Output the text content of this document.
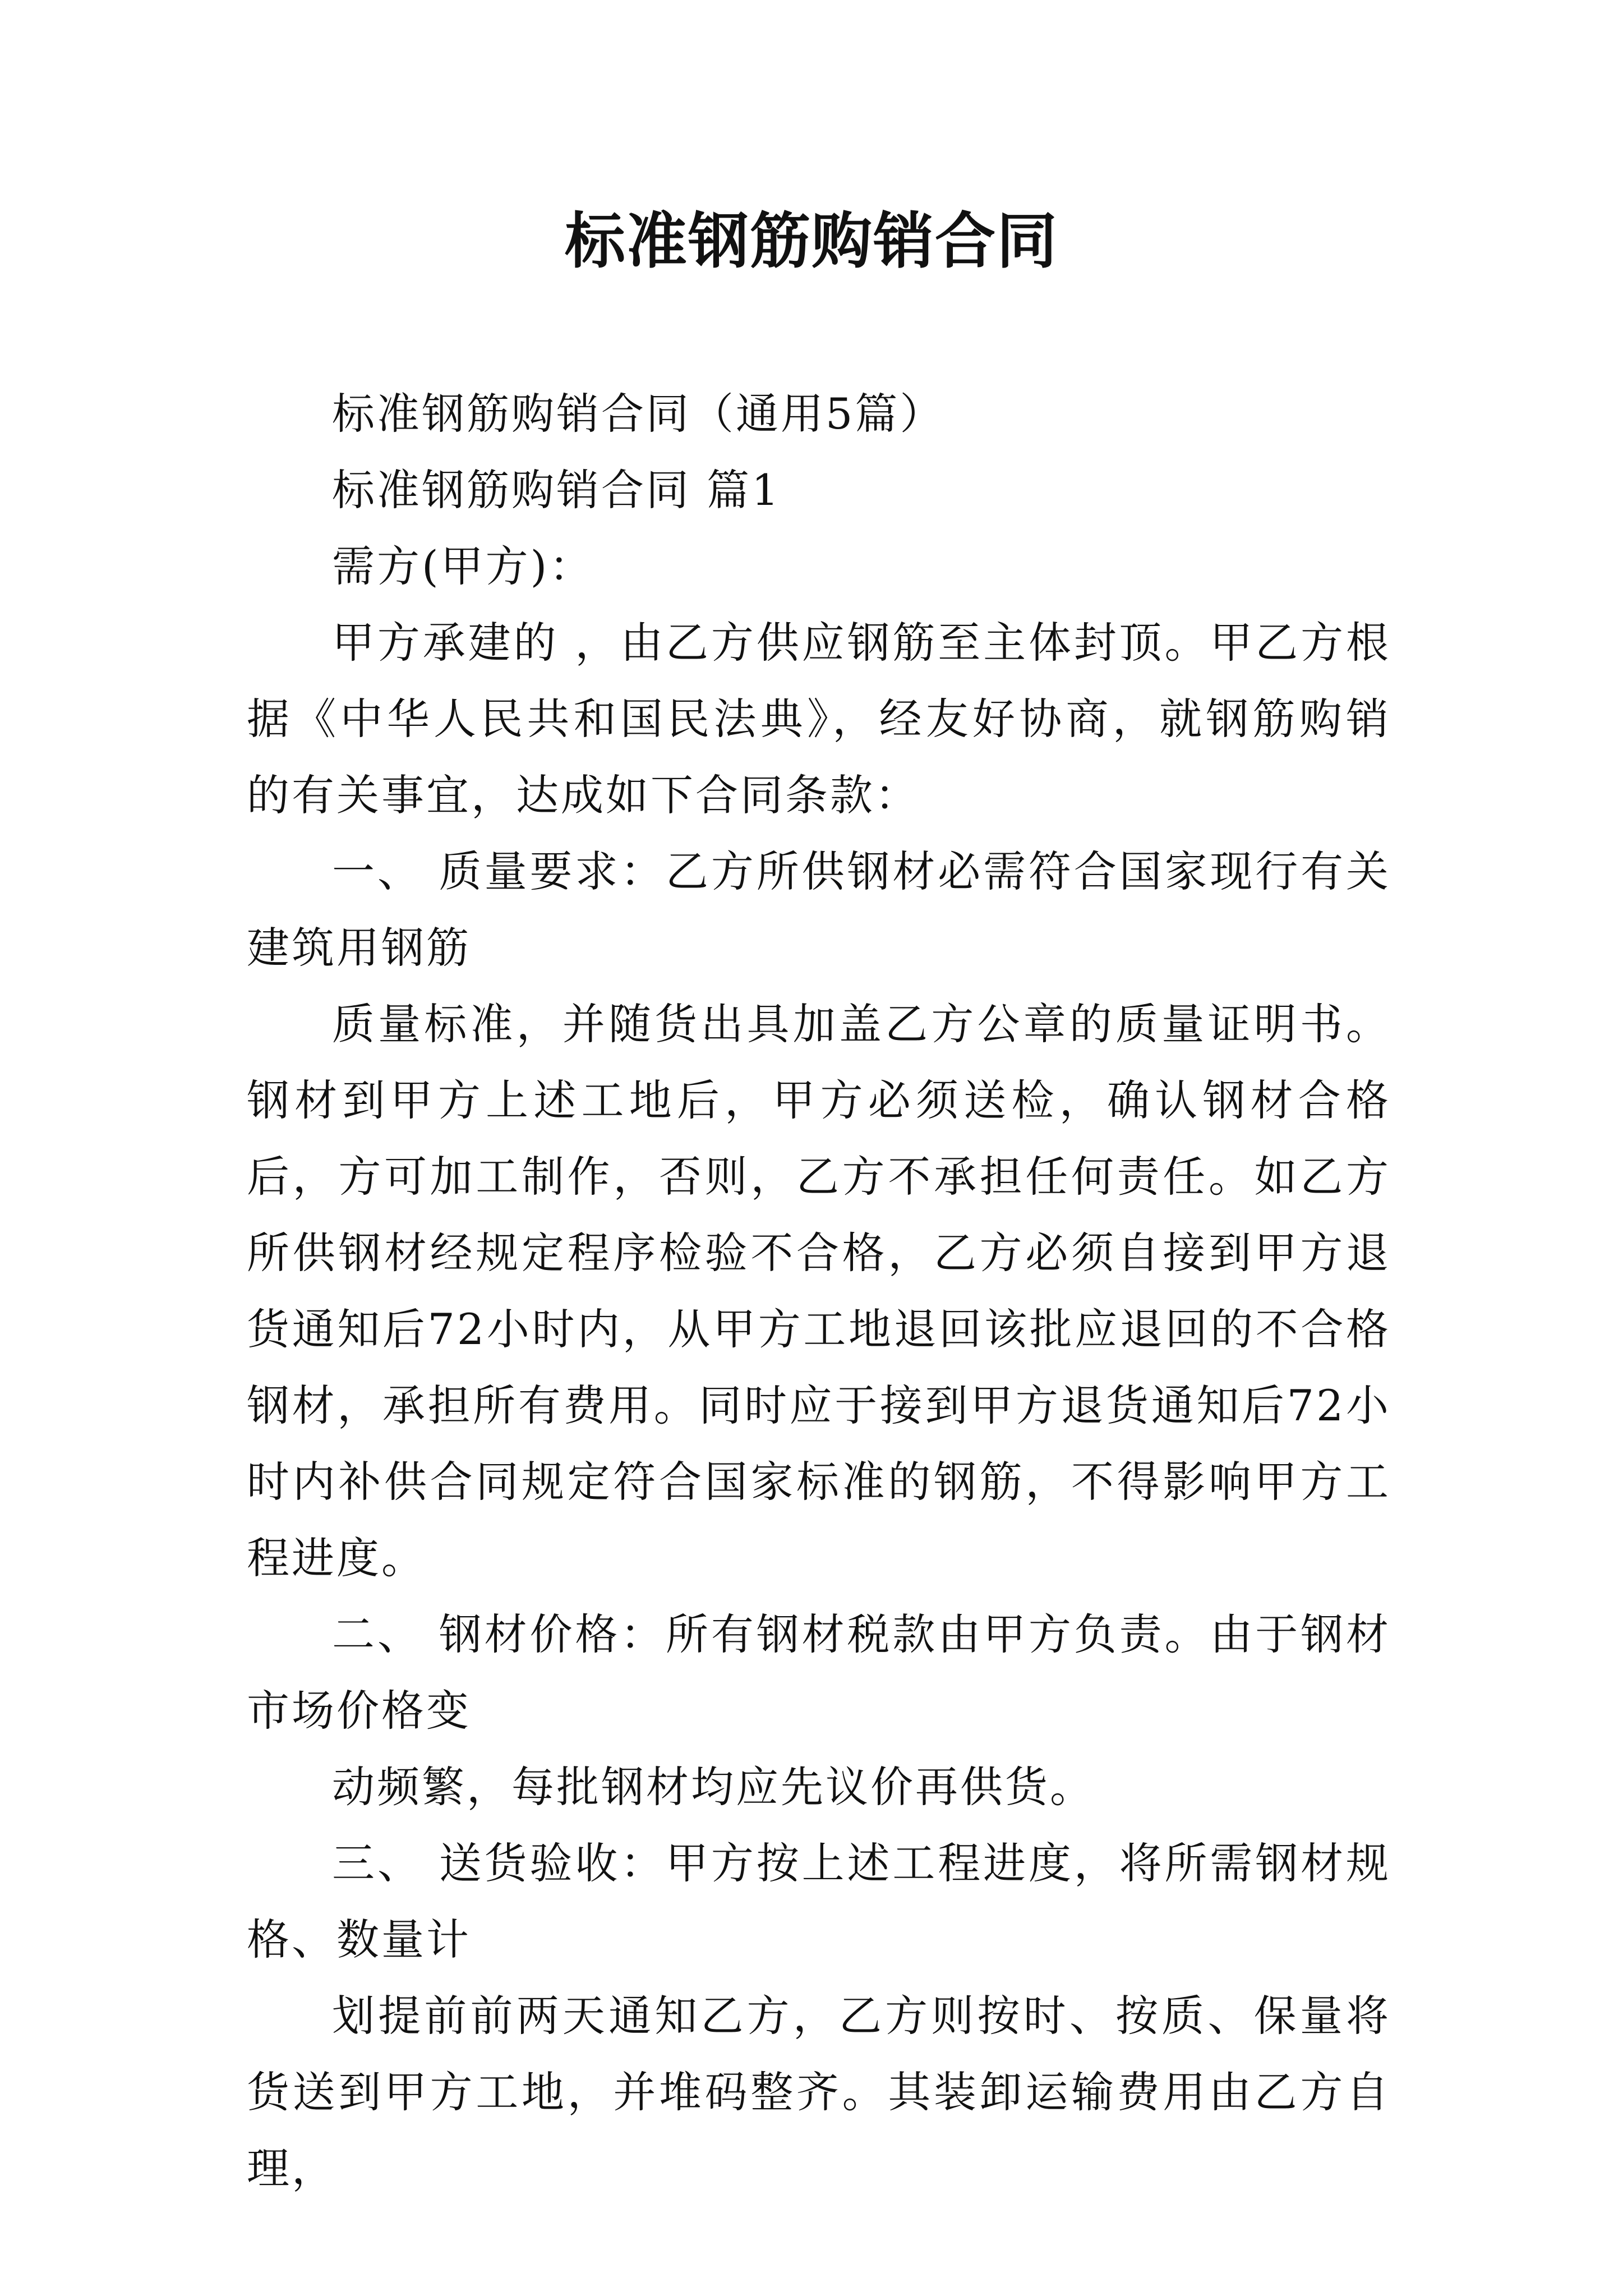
标准钢筋购销合同

标准钢筋购销合同（通用5篇）

标准钢筋购销合同 篇1

需方(甲方)：

甲方承建的 ，由乙方供应钢筋至主体封顶。甲乙方根据《中华人民共和国民法典》，经友好协商，就钢筋购销的有关事宜，达成如下合同条款：

一、 质量要求：乙方所供钢材必需符合国家现行有关建筑用钢筋

质量标准，并随货出具加盖乙方公章的质量证明书。钢材到甲方上述工地后，甲方必须送检，确认钢材合格后，方可加工制作，否则，乙方不承担任何责任。如乙方所供钢材经规定程序检验不合格，乙方必须自接到甲方退货通知后72小时内，从甲方工地退回该批应退回的不合格钢材，承担所有费用。同时应于接到甲方退货通知后72小时内补供合同规定符合国家标准的钢筋，不得影响甲方工程进度。

二、 钢材价格：所有钢材税款由甲方负责。由于钢材市场价格变

动频繁，每批钢材均应先议价再供货。

三、 送货验收：甲方按上述工程进度，将所需钢材规格、数量计

划提前前两天通知乙方，乙方则按时、按质、保量将货送到甲方工地，并堆码整齐。其装卸运输费用由乙方自理，
